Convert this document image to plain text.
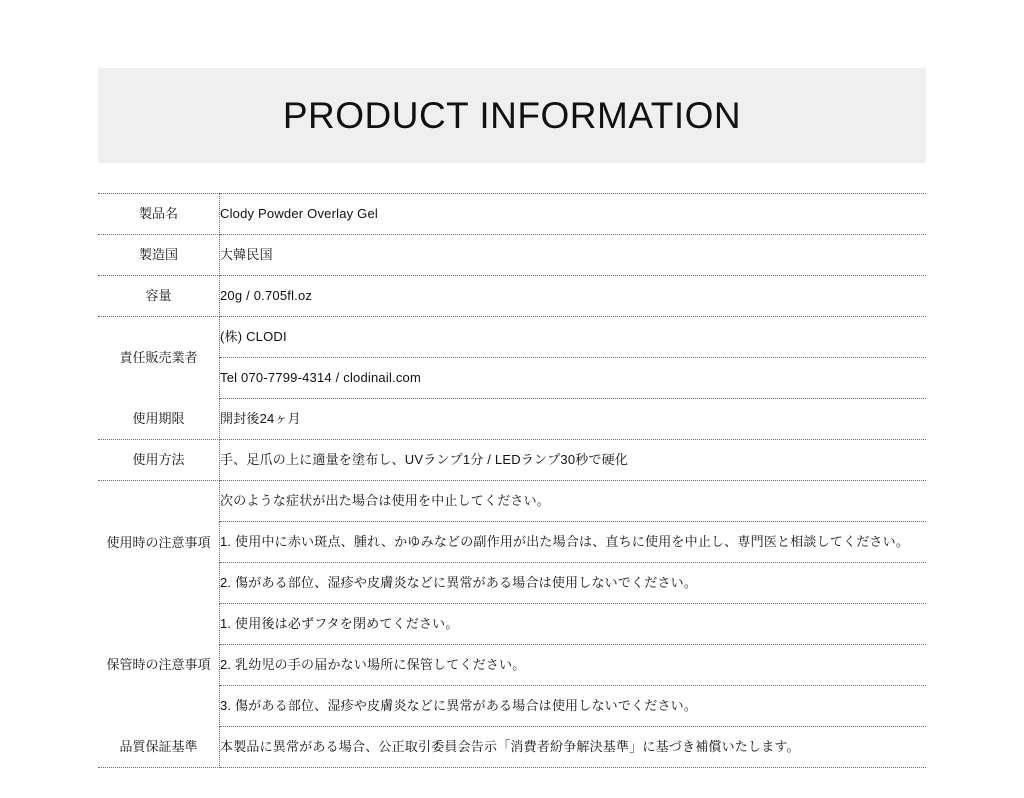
PRODUCT INFORMATION
製品名	Clody Powder Overlay Gel
製造国	大韓民国
容量	20g / 0.705fl.oz
責任販売業者	(株) CLODI
	Tel 070-7799-4314 / clodinail.com
使用期限	開封後24ヶ月
使用方法	手、足爪の上に適量を塗布し、UVランプ1分 / LEDランプ30秒で硬化
使用時の注意事項	次のような症状が出た場合は使用を中止してください。
	1. 使用中に赤い斑点、腫れ、かゆみなどの副作用が出た場合は、直ちに使用を中止し、専門医と相談してください。
	2. 傷がある部位、湿疹や皮膚炎などに異常がある場合は使用しないでください。
保管時の注意事項	1. 使用後は必ずフタを閉めてください。
	2. 乳幼児の手の届かない場所に保管してください。
	3. 傷がある部位、湿疹や皮膚炎などに異常がある場合は使用しないでください。
品質保証基準	本製品に異常がある場合、公正取引委員会告示「消費者紛争解決基準」に基づき補償いたします。
